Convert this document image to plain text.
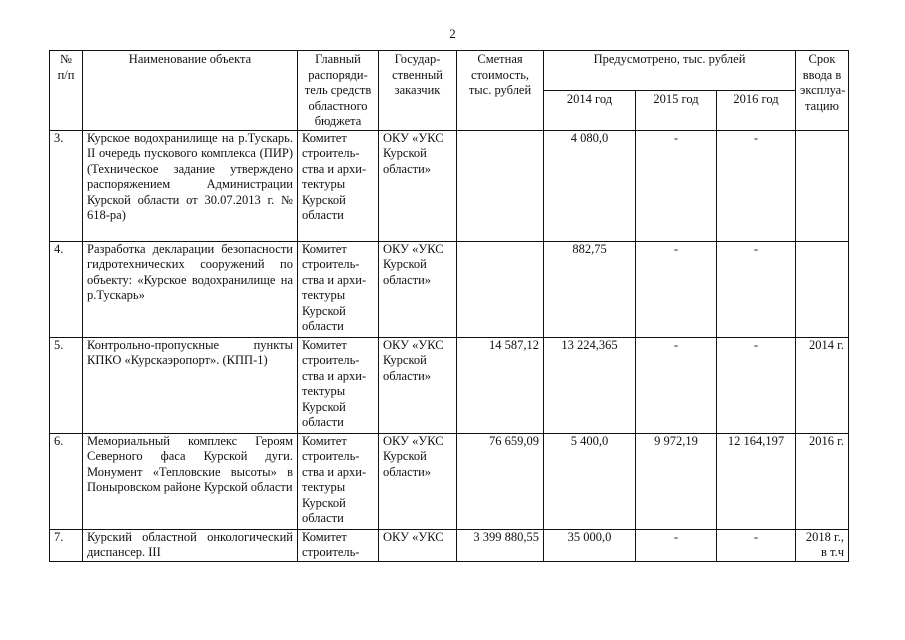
2
№ п/п	Наименование объекта	Главный распоряди-тель средств областного бюджета	Государ-ственный заказчик	Сметная стоимость, тыс. рублей	Предусмотрено, тыс. рублей			Срок ввода в эксплуа-тацию
					2014 год	2015 год	2016 год	
3.	Курское водохранилище на р.Тускарь. II очередь пускового комплекса (ПИР) (Техническое задание утверждено распоряжением Администрации Курской области от 30.07.2013 г. № 618-ра)	Комитет строитель-ства и архи-тектуры Курской области	ОКУ «УКС Курской области»		4 080,0	-	-	
4.	Разработка декларации безопасности гидротехнических сооружений по объекту: «Курское водохранилище на р.Тускарь»	Комитет строитель-ства и архи-тектуры Курской области	ОКУ «УКС Курской области»		882,75	-	-	
5.	Контрольно-пропускные пункты КПКО «Курскаэропорт». (КПП-1)	Комитет строитель-ства и архи-тектуры Курской области	ОКУ «УКС Курской области»	14 587,12	13 224,365	-	-	2014 г.
6.	Мемориальный комплекс Героям Северного фаса Курской дуги. Монумент «Тепловские высоты» в Поныровском районе Курской области	Комитет строитель-ства и архи-тектуры Курской области	ОКУ «УКС Курской области»	76 659,09	5 400,0	9 972,19	12 164,197	2016 г.
7.	Курский областной онкологический диспансер. III	Комитет строитель-	ОКУ «УКС	3 399 880,55	35 000,0	-	-	2018 г., в т.ч
